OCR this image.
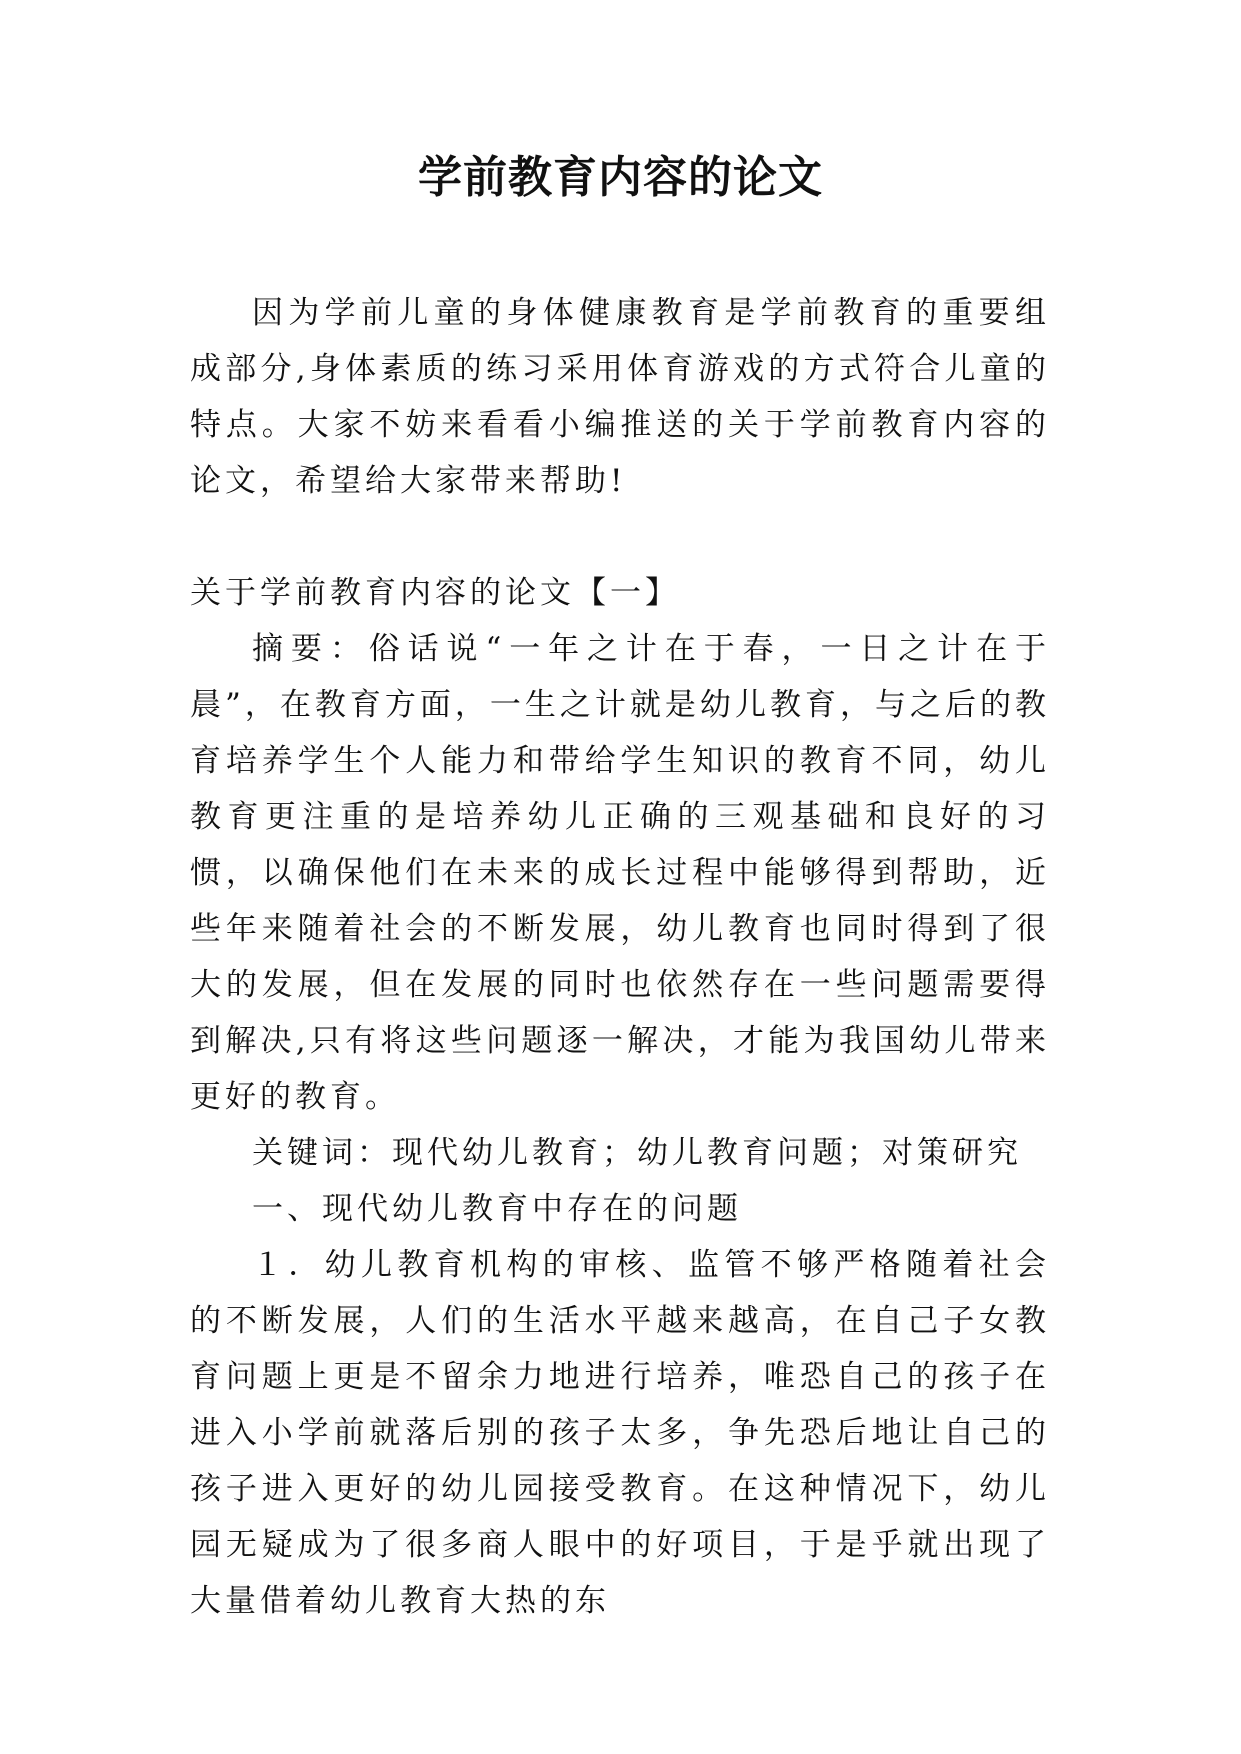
学前教育内容的论文

因为学前儿童的身体健康教育是学前教育的重要组成部分,身体素质的练习采用体育游戏的方式符合儿童的特点。大家不妨来看看小编推送的关于学前教育内容的论文，希望给大家带来帮助!

关于学前教育内容的论文【一】

摘要：俗话说“一年之计在于春，一日之计在于晨”，在教育方面，一生之计就是幼儿教育，与之后的教育培养学生个人能力和带给学生知识的教育不同，幼儿教育更注重的是培养幼儿正确的三观基础和良好的习惯，以确保他们在未来的成长过程中能够得到帮助，近些年来随着社会的不断发展，幼儿教育也同时得到了很大的发展，但在发展的同时也依然存在一些问题需要得到解决,只有将这些问题逐一解决，才能为我国幼儿带来更好的教育。

关键词：现代幼儿教育；幼儿教育问题；对策研究

一、现代幼儿教育中存在的问题

１．幼儿教育机构的审核、监管不够严格随着社会的不断发展，人们的生活水平越来越高，在自己子女教育问题上更是不留余力地进行培养，唯恐自己的孩子在进入小学前就落后别的孩子太多，争先恐后地让自己的孩子进入更好的幼儿园接受教育。在这种情况下，幼儿园无疑成为了很多商人眼中的好项目，于是乎就出现了大量借着幼儿教育大热的东
